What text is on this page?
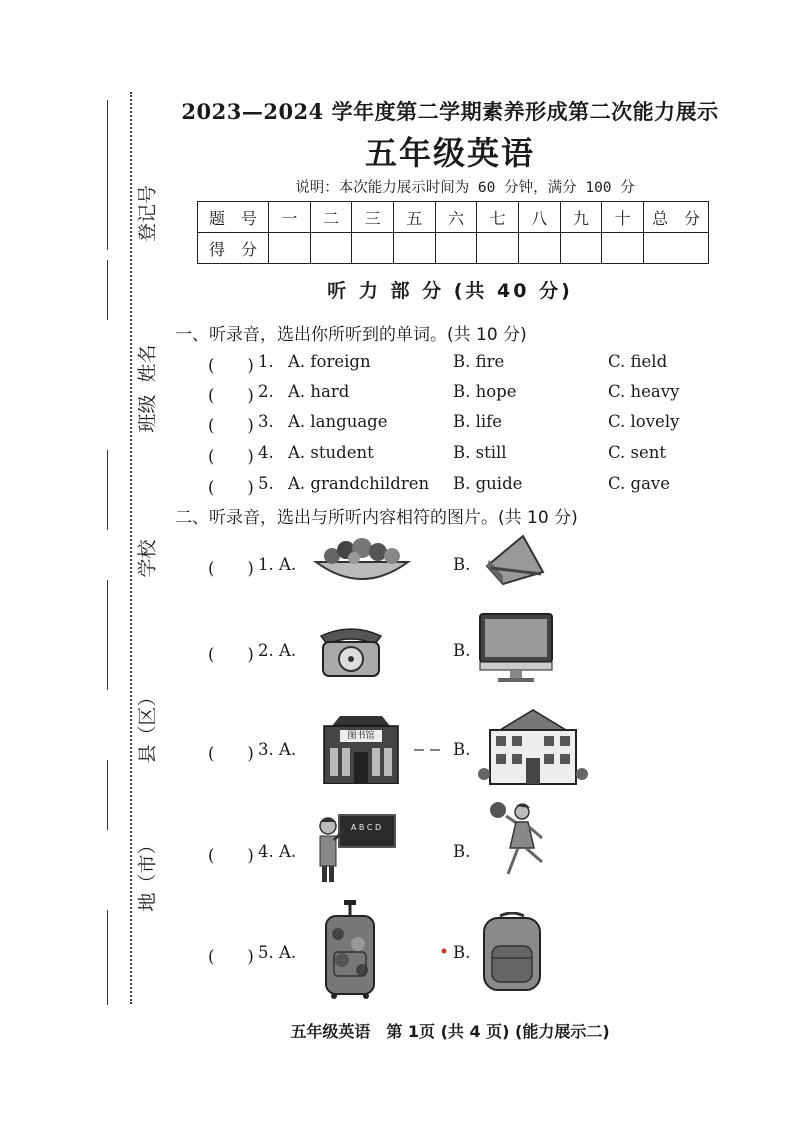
登记号
姓名
班级
学校
县（区）
地（市）
2023—2024 学年度第二学期素养形成第二次能力展示
五年级英语
说明：本次能力展示时间为 60 分钟，满分 100 分
题　号	一	二	三	五	六	七	八	九	十	总　分
得　分										
听 力 部 分 (共 40 分)
一、听录音，选出你所听到的单词。(共 10 分)
(　　) 1. A. foreign	B. fire	C. field
(　　) 2. A. hard	B. hope	C. heavy
(　　) 3. A. language	B. life	C. lovely
(　　) 4. A. student	B. still	C. sent
(　　) 5. A. grandchildren B. guide	C. gave
二、听录音，选出与所听内容相符的图片。(共 10 分)
(　　) 1. A.	B.
(　　) 2. A.	B.
(　　) 3. A.	B.
图书馆
(　　) 4. A.	B.
A B C D
(　　) 5. A.	B.
五年级英语　第 1页 (共 4 页) (能力展示二)
